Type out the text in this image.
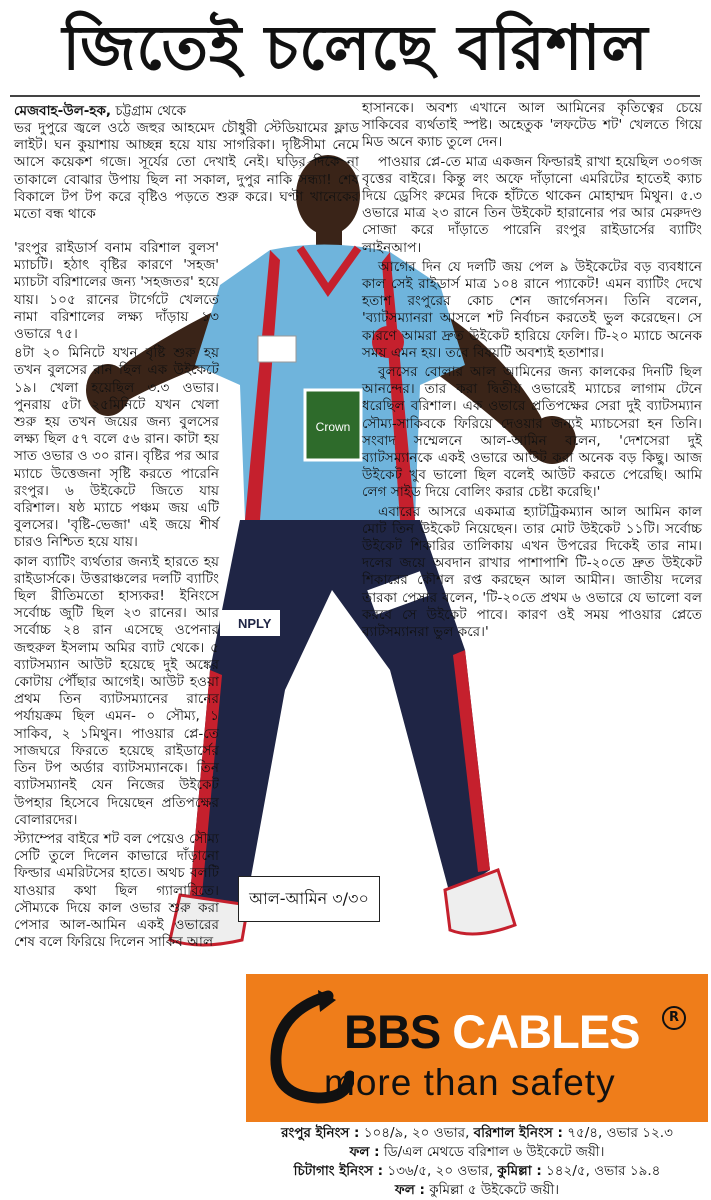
জিতেই চলেছে বরিশাল
মেজবাহ-উল-হক, চট্টগ্রাম থেকে
Crown
NP LY

ভর দুপুরে জ্বলে ওঠে জহুর আহমেদ চৌধুরী স্টেডিয়ামের ফ্লাড লাইট। ঘন কুয়াশায় আচ্ছন্ন হয়ে যায় সাগরিকা। দৃষ্টিসীমা নেমে আসে কয়েকশ গজে। সূর্যের তো দেখাই নেই। ঘড়ির দিকে না তাকালে বোঝার উপায় ছিল না সকাল, দুপুর নাকি সন্ধ্যা! শেষ বিকালে টপ টপ করে বৃষ্টিও পড়তে শুরু করে। ঘণ্টা খানেকের মতো বন্ধ থাকে

'রংপুর রাইডার্স বনাম বরিশাল বুলস' ম্যাচটি। হঠাৎ বৃষ্টির কারণে 'সহজ' ম্যাচটা বরিশালের জন্য 'সহজতর' হয়ে যায়। ১০৫ রানের টার্গেটে খেলতে নামা বরিশালের লক্ষ্য দাঁড়ায় ১৩ ওভারে ৭৫।

৪টা ২০ মিনিটে যখন বৃষ্টি শুরু হয় তখন বুলসের রান ছিল এক উইকেটে ১৯। খেলা হয়েছিল ৩.৩ ওভার। পুনরায় ৫টা ২৫মিনিটে যখন খেলা শুরু হয় তখন জয়ের জন্য বুলসের লক্ষ্য ছিল ৫৭ বলে ৫৬ রান। কাটা হয় সাত ওভার ও ৩০ রান। বৃষ্টির পর আর ম্যাচে উত্তেজনা সৃষ্টি করতে পারেনি রংপুর। ৬ উইকেটে জিতে যায় বরিশাল। ষষ্ঠ ম্যাচে পঞ্চম জয় এটি বুলসের। 'বৃষ্টি-ভেজা' এই জয়ে শীর্ষ চারও নিশ্চিত হয়ে যায়।

কাল ব্যাটিং ব্যর্থতার জন্যই হারতে হয় রাইডার্সকে। উত্তরাঞ্চলের দলটি ব্যাটিং ছিল রীতিমতো হাস্যকর! ইনিংসে সর্বোচ্চ জুটি ছিল ২৩ রানের। আর সর্বোচ্চ ২৪ রান এসেছে ওপেনার জহুরুল ইসলাম অমির ব্যাট থেকে। ৫ ব্যাটসম্যান আউট হয়েছে দুই অঙ্কের কোটায় পৌঁছার আগেই। আউট হওয়া প্রথম তিন ব্যাটসম্যানের রানের পর্যায়ক্রম ছিল এমন- ০ সৌম্য, ১ সাকিব, ২ ১মিথুন। পাওয়ার প্লে-তে সাজঘরে ফিরতে হয়েছে রাইডার্সের তিন টপ অর্ডার ব্যাটসম্যানকে। তিন ব্যাটসম্যানই যেন নিজের উইকেট উপহার হিসেবে দিয়েছেন প্রতিপক্ষের বোলারদের।

স্ট্যাম্পের বাইরে শট বল পেয়েও সৌম্য সেটি তুলে দিলেন কাভারে দাঁড়ানো ফিল্ডার এমরিটসের হাতে। অথচ বলটি যাওয়ার কথা ছিল গ্যালারিতে। সৌম্যকে দিয়ে কাল ওভার শুরু করা পেসার আল-আমিন একই ওভারের শেষ বলে ফিরিয়ে দিলেন সাকিব আল

হাসানকে। অবশ্য এখানে আল আমিনের কৃতিত্বের চেয়ে সাকিবের ব্যর্থতাই স্পষ্ট। অহেতুক 'লফটেড শট' খেলতে গিয়ে মিড অনে ক্যাচ তুলে দেন।

পাওয়ার প্লে-তে মাত্র একজন ফিল্ডারই রাখা হয়েছিল ৩০গজ বৃত্তের বাইরে। কিন্তু লং অফে দাঁড়ানো এমরিটের হাতেই ক্যাচ দিয়ে ড্রেসিং রুমের দিকে হাঁটতে থাকেন মোহাম্মদ মিথুন। ৫.৩ ওভারে মাত্র ২৩ রানে তিন উইকেট হারানোর পর আর মেরুদণ্ড সোজা করে দাঁড়াতে পারেনি রংপুর রাইডার্সের ব্যাটিং লাইনআপ।

আগের দিন যে দলটি জয় পেল ৯ উইকেটের বড় ব্যবধানে কাল সেই রাইডার্স মাত্র ১০৪ রানে প্যাকেট! এমন ব্যাটিং দেখে হতাশ রংপুরের কোচ শেন জার্গেনসন। তিনি বলেন, 'ব্যাটসম্যানরা আসলে শট নির্বাচন করতেই ভুল করেছেন। সে কারণে আমরা দ্রুত উইকেট হারিয়ে ফেলি। টি-২০ ম্যাচে অনেক সময় এমন হয়। তবে বিষয়টি অবশ্যই হতাশার।

বুলসের বোলার আল আমিনের জন্য কালকের দিনটি ছিল আনন্দের। তার করা দ্বিতীয় ওভারেই ম্যাচের লাগাম টেনে ধরেছিল বরিশাল। এক ওভারে প্রতিপক্ষের সেরা দুই ব্যাটসম্যান সৌম্য-সাকিবকে ফিরিয়ে দেওয়ার জন্যই ম্যাচসেরা হন তিনি। সংবাদ সম্মেলনে আল-আমিন বলেন, 'দেশসেরা দুই ব্যাটসম্যানকে একই ওভারে আউট করা অনেক বড় কিছু। আজ উইকেট খুব ভালো ছিল বলেই আউট করতে পেরেছি। আমি লেগ সাইড দিয়ে বোলিং করার চেষ্টা করেছি।'

এবারের আসরে একমাত্র হ্যাটট্রিকম্যান আল আমিন কাল মোট তিন উইকেট নিয়েছেন। তার মোট উইকেট ১১টি। সর্বোচ্চ উইকেট শিকারির তালিকায় এখন উপরের দিকেই তার নাম। দলের জয়ে অবদান রাখার পাশাপাশি টি-২০তে দ্রুত উইকেট শিকারের কৌশল রপ্ত করছেন আল আমীন। জাতীয় দলের তারকা পেসার বলেন, 'টি-২০তে প্রথম ৬ ওভারে যে ভালো বল করবে সে উইকেট পাবে। কারণ ওই সময় পাওয়ার প্লেতে ব্যাটসম্যানরা ভুল করে।'

আল-আমিন ৩/৩০
BBS CABLES	R
more than safety
রংপুর ইনিংস : ১০৪/৯, ২০ ওভার, বরিশাল ইনিংস : ৭৫/৪, ওভার ১২.৩
ফল : ডি/এল মেথডে বরিশাল ৬ উইকেটে জয়ী।
চিটাগাং ইনিংস : ১৩৬/৫, ২০ ওভার, কুমিল্লা : ১৪২/৫, ওভার ১৯.৪
ফল : কুমিল্লা ৫ উইকেটে জয়ী।
